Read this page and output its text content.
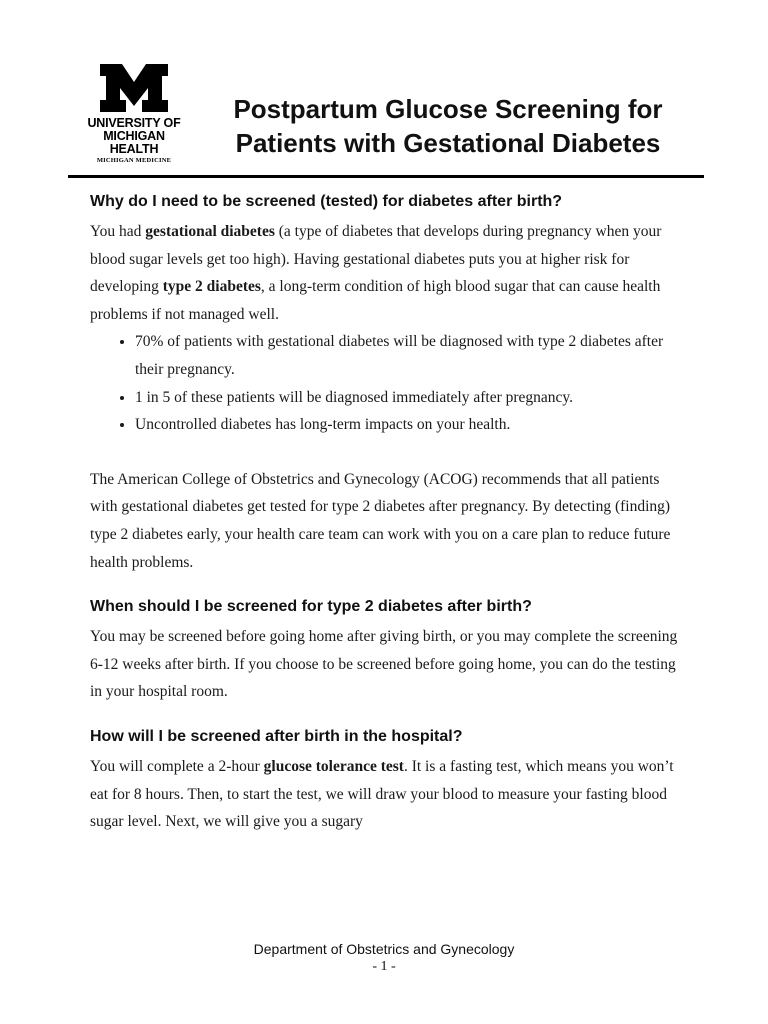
UNIVERSITY OF
MICHIGAN HEALTH
MICHIGAN MEDICINE
Postpartum Glucose Screening for
Patients with Gestational Diabetes
Why do I need to be screened (tested) for diabetes after birth?

You had gestational diabetes (a type of diabetes that develops during pregnancy when your blood sugar levels get too high). Having gestational diabetes puts you at higher risk for developing type 2 diabetes, a long-term condition of high blood sugar that can cause health problems if not managed well.

• 70% of patients with gestational diabetes will be diagnosed with type 2 diabetes after their pregnancy.
• 1 in 5 of these patients will be diagnosed immediately after pregnancy.
• Uncontrolled diabetes has long-term impacts on your health.

The American College of Obstetrics and Gynecology (ACOG) recommends that all patients with gestational diabetes get tested for type 2 diabetes after pregnancy. By detecting (finding) type 2 diabetes early, your health care team can work with you on a care plan to reduce future health problems.

When should I be screened for type 2 diabetes after birth?

You may be screened before going home after giving birth, or you may complete the screening 6-12 weeks after birth. If you choose to be screened before going home, you can do the testing in your hospital room.

How will I be screened after birth in the hospital?

You will complete a 2-hour glucose tolerance test. It is a fasting test, which means you won’t eat for 8 hours. Then, to start the test, we will draw your blood to measure your fasting blood sugar level. Next, we will give you a sugary

Department of Obstetrics and Gynecology
- 1 -
